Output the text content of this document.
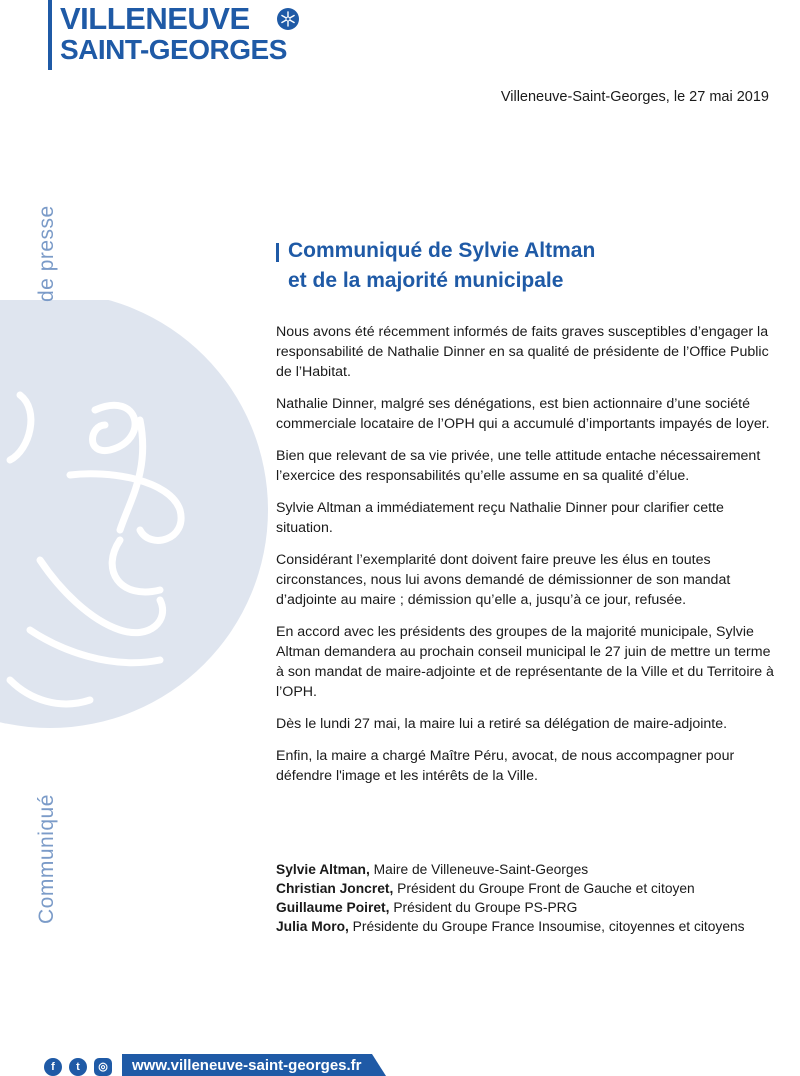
VILLENEUVE
SAINT-GEORGES
Villeneuve-Saint-Georges, le 27 mai 2019
de presse
Communiqué
Communiqué de Sylvie Altman
et de la majorité municipale

Nous avons été récemment informés de faits graves susceptibles d’engager la responsabilité de Nathalie Dinner en sa qualité de présidente de l’Office Public de l’Habitat.

Nathalie Dinner, malgré ses dénégations, est bien actionnaire d’une société commerciale locataire de l’OPH qui a accumulé d’importants impayés de loyer.

Bien que relevant de sa vie privée, une telle attitude entache nécessairement l’exercice des responsabilités qu’elle assume en sa qualité d’élue.

Sylvie Altman a immédiatement reçu Nathalie Dinner pour clarifier cette situation.

Considérant l’exemplarité dont doivent faire preuve les élus en toutes circonstances, nous lui avons demandé de démissionner de son mandat d’adjointe au maire ; démission qu’elle a, jusqu’à ce jour, refusée.

En accord avec les présidents des groupes de la majorité municipale, Sylvie Altman demandera au prochain conseil municipal le 27 juin de mettre un terme à son mandat de maire-adjointe et de représentante de la Ville et du Territoire à l’OPH.

Dès le lundi 27 mai, la maire lui a retiré sa délégation de maire-adjointe.

Enfin, la maire a chargé Maître Péru, avocat, de nous accompagner pour défendre l'image et les intérêts de la Ville.

Sylvie Altman, Maire de Villeneuve-Saint-Georges
Christian Joncret, Président du Groupe Front de Gauche et citoyen
Guillaume Poiret, Président du Groupe PS-PRG
Julia Moro, Présidente du Groupe France Insoumise, citoyennes et citoyens
f	t	◎ www.villeneuve-saint-georges.fr
